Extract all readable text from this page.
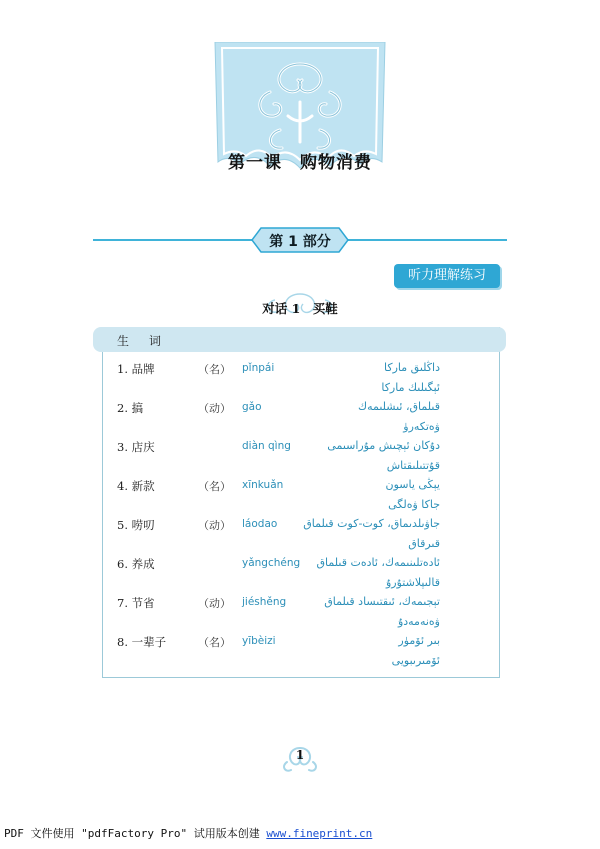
第一课　购物消费
第 1 部分
听力理解练习
对话 1　买鞋
生 词
1. 品牌	（名） pǐnpái	داڭلىق ماركا
ئېگىلىك ماركا
2. 搞	（动） gǎo	قىلماق، ئىشلىمەك
ۋەتكەرۈ
3. 店庆	diàn qìng	دۇكان ئېچىش مۇراسىمى
قۇتتىلىقتاش
4. 新款	（名） xīnkuǎn	يېڭى ياسون
جاكا ۋەلگى
5. 唠叨	（动） láodao جاۋىلدىماق، كوت-كوت قىلماق
قىرقاق
6. 养成	yǎngchéng ئادەتلىنىمەك، ئادەت قىلماق
قالىپلاشتۇرۇ
7. 节省	（动） jiéshěng	تېجىمەك، ئىقتىساد قىلماق
ۋەنەمەدۇ
8. 一辈子	（名） yībèizi	بىر ئۆمۈر
ئۆمىرىبويى
1
PDF 文件使用 "pdfFactory Pro" 试用版本创建 www.fineprint.cn
